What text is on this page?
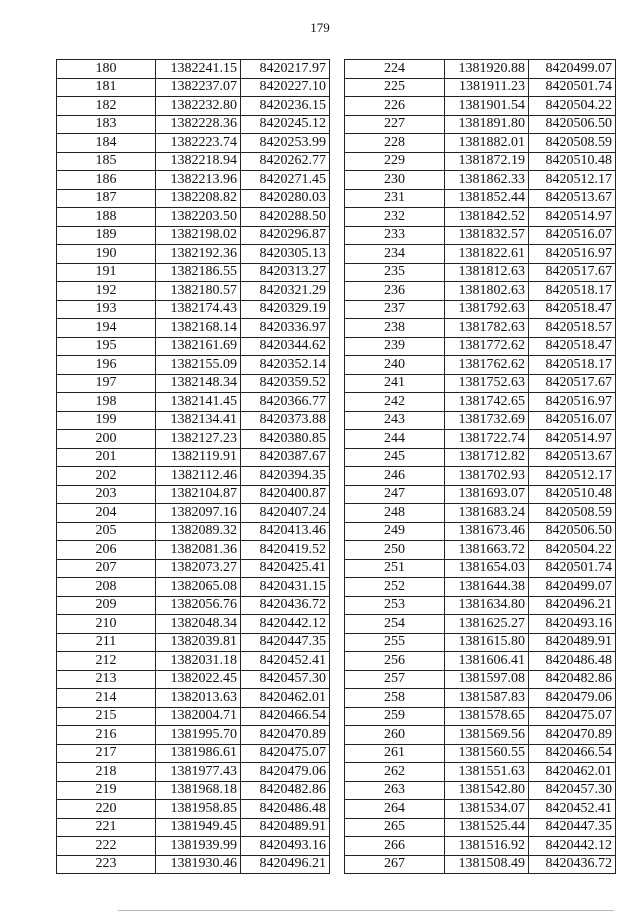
179
180	1382241.15	8420217.97
181	1382237.07	8420227.10
182	1382232.80	8420236.15
183	1382228.36	8420245.12
184	1382223.74	8420253.99
185	1382218.94	8420262.77
186	1382213.96	8420271.45
187	1382208.82	8420280.03
188	1382203.50	8420288.50
189	1382198.02	8420296.87
190	1382192.36	8420305.13
191	1382186.55	8420313.27
192	1382180.57	8420321.29
193	1382174.43	8420329.19
194	1382168.14	8420336.97
195	1382161.69	8420344.62
196	1382155.09	8420352.14
197	1382148.34	8420359.52
198	1382141.45	8420366.77
199	1382134.41	8420373.88
200	1382127.23	8420380.85
201	1382119.91	8420387.67
202	1382112.46	8420394.35
203	1382104.87	8420400.87
204	1382097.16	8420407.24
205	1382089.32	8420413.46
206	1382081.36	8420419.52
207	1382073.27	8420425.41
208	1382065.08	8420431.15
209	1382056.76	8420436.72
210	1382048.34	8420442.12
211	1382039.81	8420447.35
212	1382031.18	8420452.41
213	1382022.45	8420457.30
214	1382013.63	8420462.01
215	1382004.71	8420466.54
216	1381995.70	8420470.89
217	1381986.61	8420475.07
218	1381977.43	8420479.06
219	1381968.18	8420482.86
220	1381958.85	8420486.48
221	1381949.45	8420489.91
222	1381939.99	8420493.16
223	1381930.46	8420496.21
224	1381920.88	8420499.07
225	1381911.23	8420501.74
226	1381901.54	8420504.22
227	1381891.80	8420506.50
228	1381882.01	8420508.59
229	1381872.19	8420510.48
230	1381862.33	8420512.17
231	1381852.44	8420513.67
232	1381842.52	8420514.97
233	1381832.57	8420516.07
234	1381822.61	8420516.97
235	1381812.63	8420517.67
236	1381802.63	8420518.17
237	1381792.63	8420518.47
238	1381782.63	8420518.57
239	1381772.62	8420518.47
240	1381762.62	8420518.17
241	1381752.63	8420517.67
242	1381742.65	8420516.97
243	1381732.69	8420516.07
244	1381722.74	8420514.97
245	1381712.82	8420513.67
246	1381702.93	8420512.17
247	1381693.07	8420510.48
248	1381683.24	8420508.59
249	1381673.46	8420506.50
250	1381663.72	8420504.22
251	1381654.03	8420501.74
252	1381644.38	8420499.07
253	1381634.80	8420496.21
254	1381625.27	8420493.16
255	1381615.80	8420489.91
256	1381606.41	8420486.48
257	1381597.08	8420482.86
258	1381587.83	8420479.06
259	1381578.65	8420475.07
260	1381569.56	8420470.89
261	1381560.55	8420466.54
262	1381551.63	8420462.01
263	1381542.80	8420457.30
264	1381534.07	8420452.41
265	1381525.44	8420447.35
266	1381516.92	8420442.12
267	1381508.49	8420436.72
